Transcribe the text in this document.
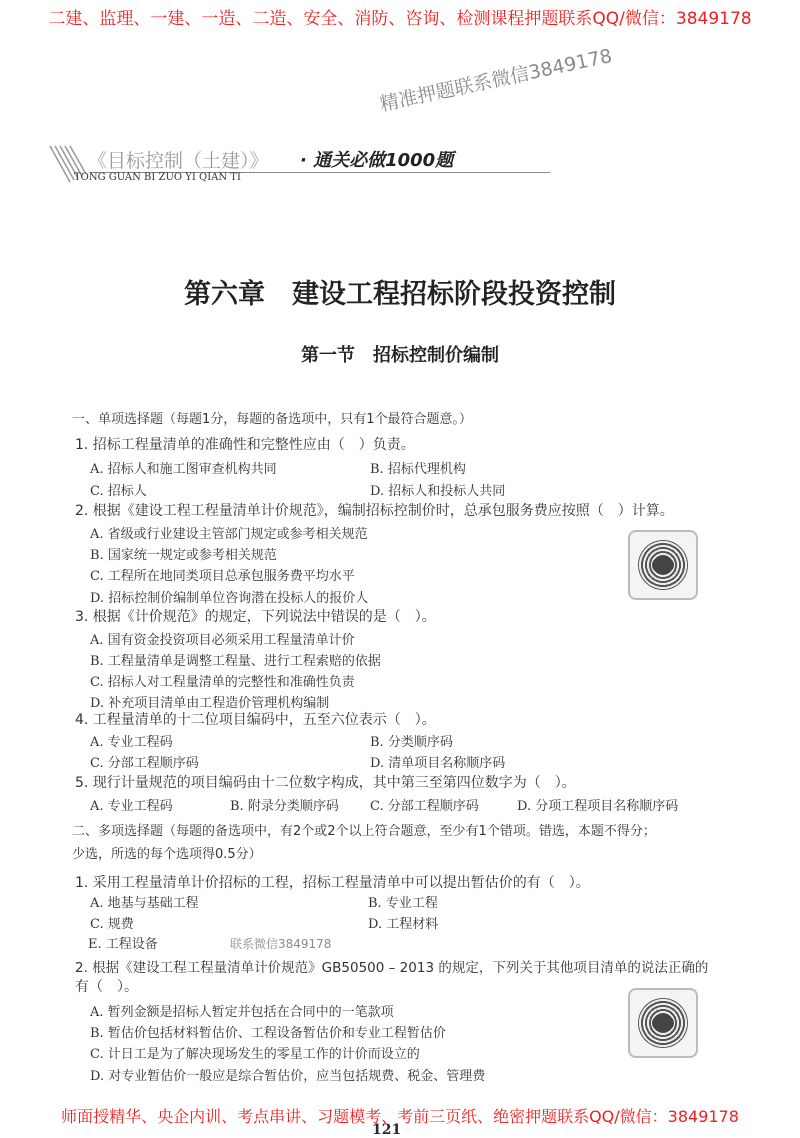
二建、监理、一建、一造、二造、安全、消防、咨询、检测课程押题联系QQ/微信：3849178
精准押题联系微信3849178
《目标控制（土建）》 · 通关必做1000题
TONG GUAN BI ZUO YI QIAN TI
第六章　建设工程招标阶段投资控制
第一节　招标控制价编制
一、单项选择题（每题1分，每题的备选项中，只有1个最符合题意。）
1. 招标工程量清单的准确性和完整性应由（　）负责。
A. 招标人和施工图审查机构共同	B. 招标代理机构
C. 招标人	D. 招标人和投标人共同
2. 根据《建设工程工程量清单计价规范》，编制招标控制价时，总承包服务费应按照（　）计算。
A. 省级或行业建设主管部门规定或参考相关规范
B. 国家统一规定或参考相关规范
C. 工程所在地同类项目总承包服务费平均水平
D. 招标控制价编制单位咨询潜在投标人的报价人
3. 根据《计价规范》的规定，下列说法中错误的是（　）。
A. 国有资金投资项目必须采用工程量清单计价
B. 工程量清单是调整工程量、进行工程索赔的依据
C. 招标人对工程量清单的完整性和准确性负责
D. 补充项目清单由工程造价管理机构编制
4. 工程量清单的十二位项目编码中，五至六位表示（　）。
A. 专业工程码	B. 分类顺序码
C. 分部工程顺序码	D. 清单项目名称顺序码
5. 现行计量规范的项目编码由十二位数字构成，其中第三至第四位数字为（　）。
A. 专业工程码	B. 附录分类顺序码 C. 分部工程顺序码	D. 分项工程项目名称顺序码
二、多项选择题（每题的备选项中，有2个或2个以上符合题意，至少有1个错项。错选，本题不得分；
少选，所选的每个选项得0.5分）
1. 采用工程量清单计价招标的工程，招标工程量清单中可以提出暂估价的有（　）。
A. 地基与基础工程	B. 专业工程
C. 规费	D. 工程材料
E. 工程设备	联系微信3849178
2. 根据《建设工程工程量清单计价规范》GB50500 – 2013 的规定，下列关于其他项目清单的说法正确的
有（　）。
A. 暂列金额是招标人暂定并包括在合同中的一笔款项
B. 暂估价包括材料暂估价、工程设备暂估价和专业工程暂估价
C. 计日工是为了解决现场发生的零星工作的计价而设立的
D. 对专业暂估价一般应是综合暂估价，应当包括规费、税金、管理费
师面授精华、央企内训、考点串讲、习题模考、考前三页纸、绝密押题联系QQ/微信：3849178
121
